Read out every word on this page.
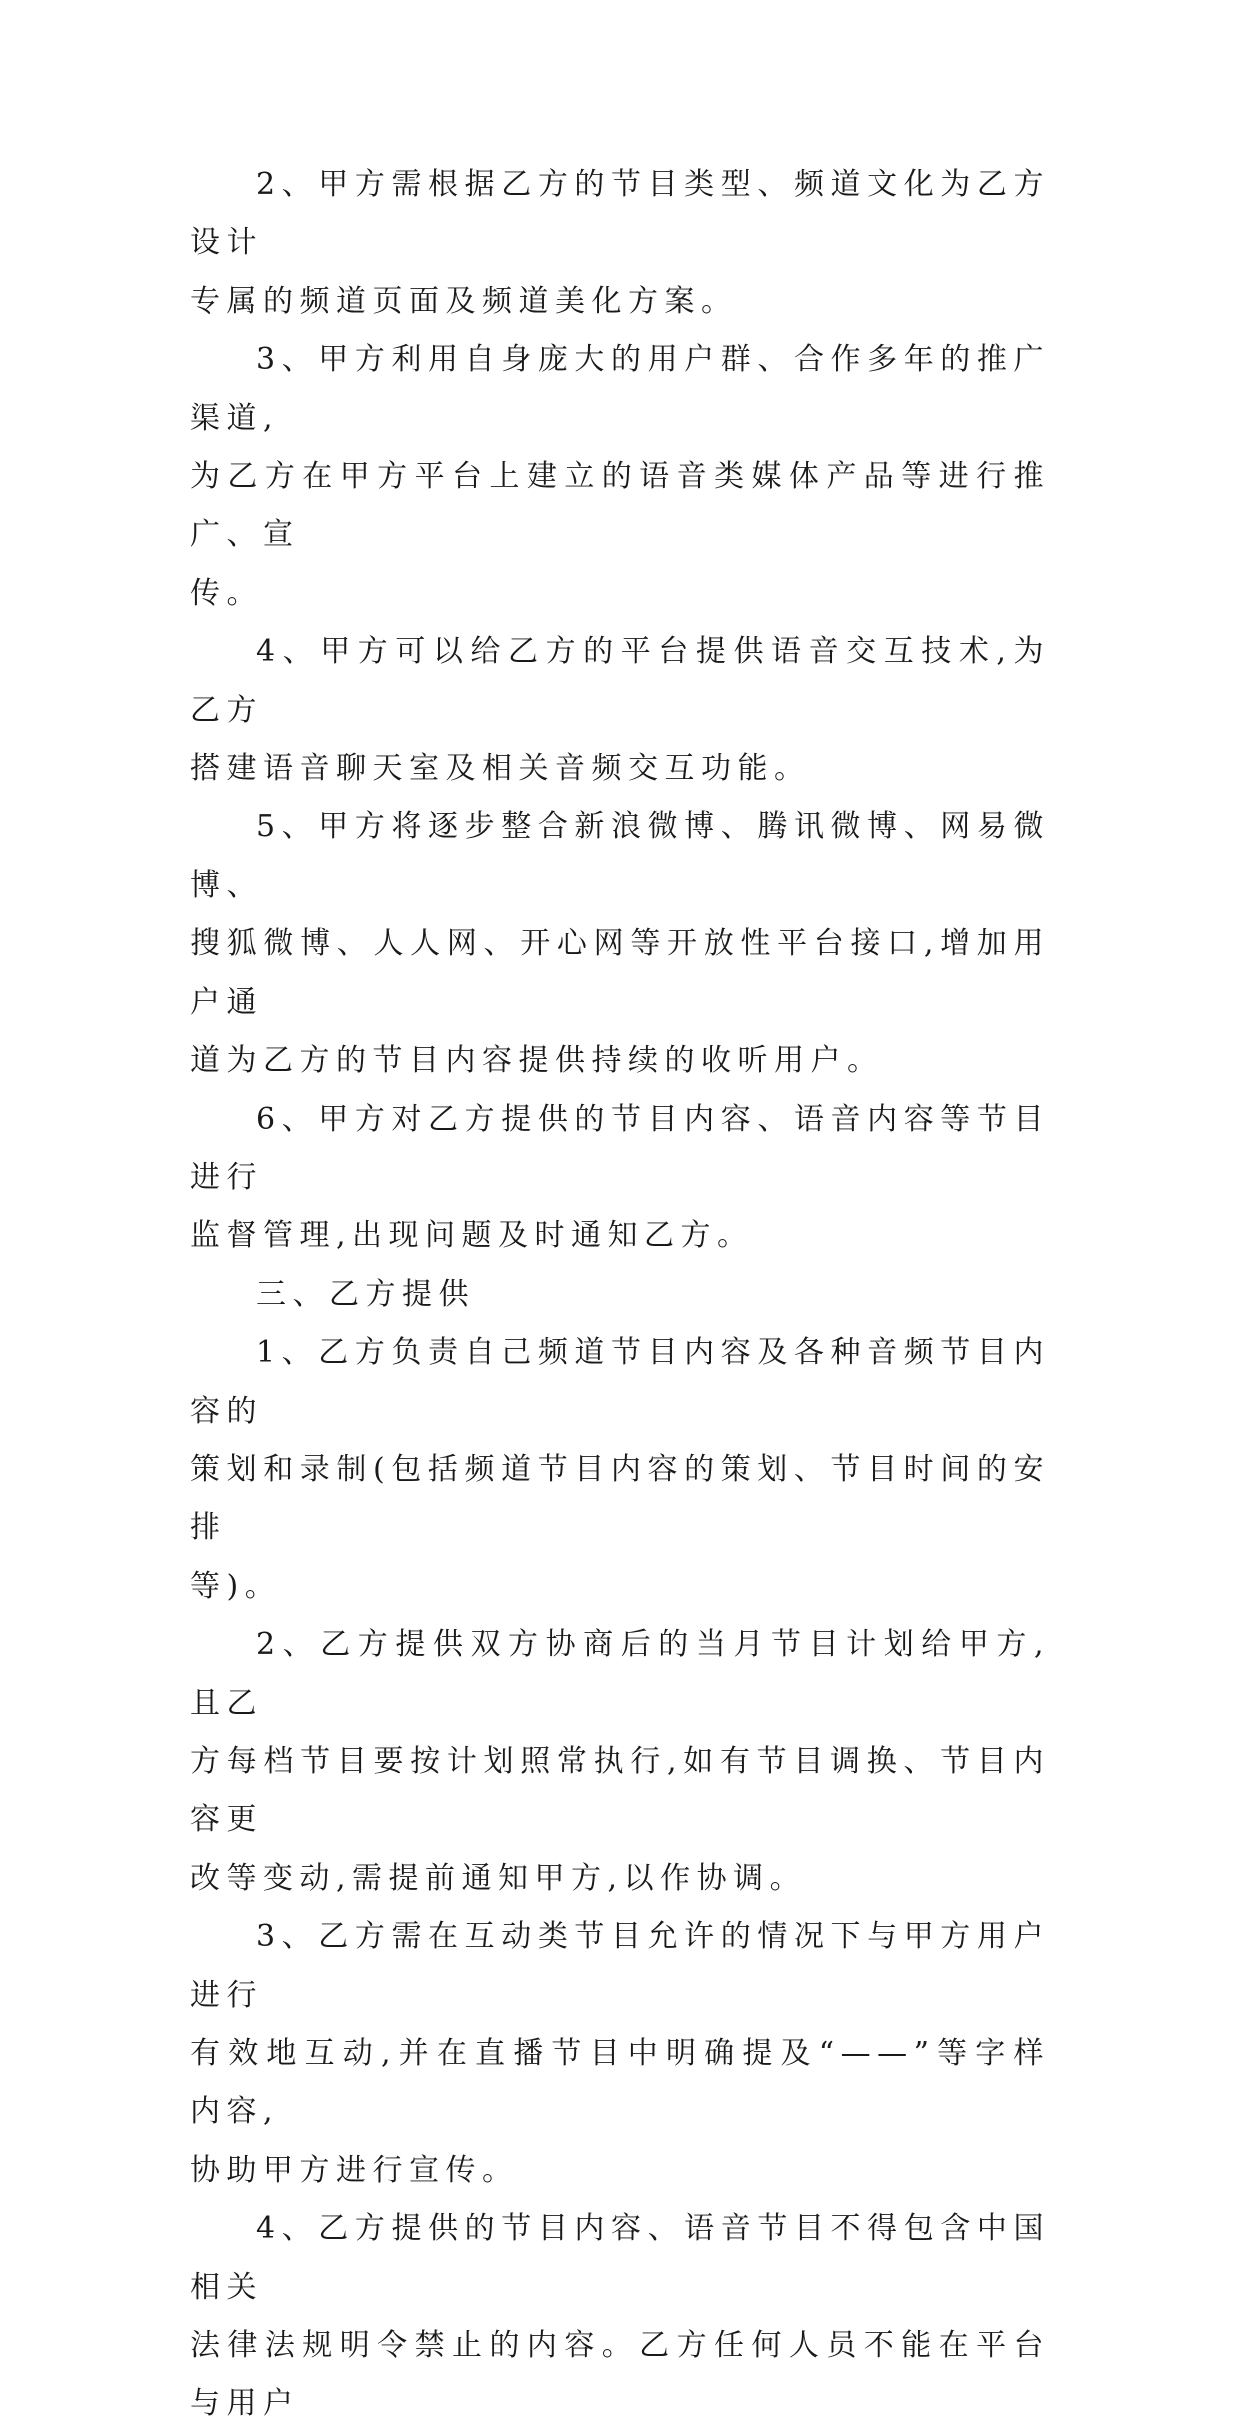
2、甲方需根据乙方的节目类型、频道文化为乙方设计
专属的频道页面及频道美化方案。

3、甲方利用自身庞大的用户群、合作多年的推广渠道,
为乙方在甲方平台上建立的语音类媒体产品等进行推广、宣
传。

4、甲方可以给乙方的平台提供语音交互技术,为乙方
搭建语音聊天室及相关音频交互功能。

5、甲方将逐步整合新浪微博、腾讯微博、网易微博、
搜狐微博、人人网、开心网等开放性平台接口,增加用户通
道为乙方的节目内容提供持续的收听用户。

6、甲方对乙方提供的节目内容、语音内容等节目进行
监督管理,出现问题及时通知乙方。

三、乙方提供

1、乙方负责自己频道节目内容及各种音频节目内容的
策划和录制(包括频道节目内容的策划、节目时间的安排
等)。

2、乙方提供双方协商后的当月节目计划给甲方,且乙
方每档节目要按计划照常执行,如有节目调换、节目内容更
改等变动,需提前通知甲方,以作协调。

3、乙方需在互动类节目允许的情况下与甲方用户进行
有效地互动,并在直播节目中明确提及“——”等字样内容,
协助甲方进行宣传。

4、乙方提供的节目内容、语音节目不得包含中国相关
法律法规明令禁止的内容。乙方任何人员不能在平台与用户
